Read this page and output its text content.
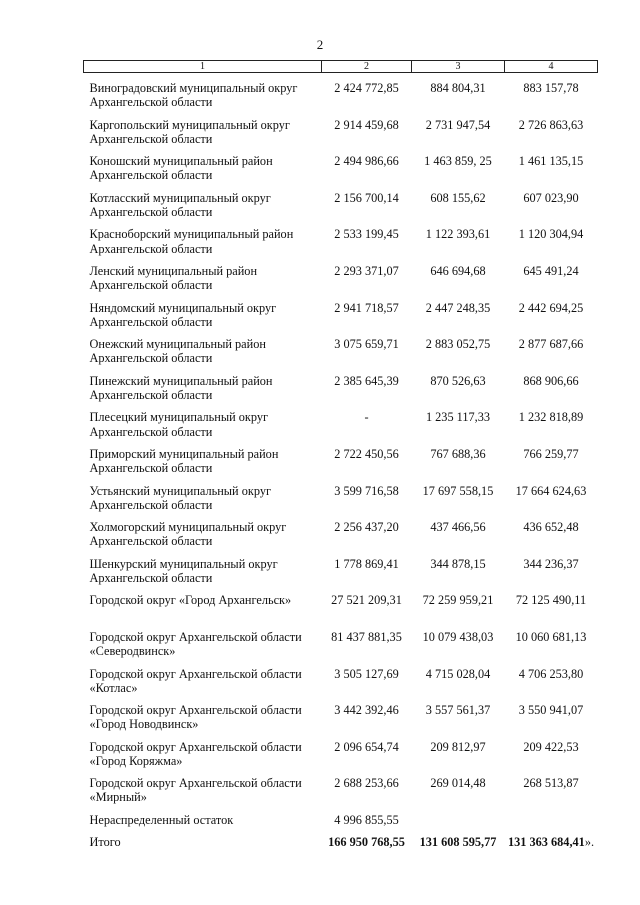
2
1	2	3	4
Виноградовский муниципальный округ Архангельской области	2 424 772,85	884 804,31	883 157,78
Каргопольский муниципальный округ Архангельской области	2 914 459,68	2 731 947,54	2 726 863,63
Коношский муниципальный район Архангельской области	2 494 986,66	1 463 859, 25	1 461 135,15
Котласский муниципальный округ Архангельской области	2 156 700,14	608 155,62	607 023,90
Красноборский муниципальный район Архангельской области	2 533 199,45	1 122 393,61	1 120 304,94
Ленский муниципальный район Архангельской области	2 293 371,07	646 694,68	645 491,24
Няндомский муниципальный округ Архангельской области	2 941 718,57	2 447 248,35	2 442 694,25
Онежский муниципальный район Архангельской области	3 075 659,71	2 883 052,75	2 877 687,66
Пинежский муниципальный район Архангельской области	2 385 645,39	870 526,63	868 906,66
Плесецкий муниципальный округ Архангельской области	-	1 235 117,33	1 232 818,89
Приморский муниципальный район Архангельской области	2 722 450,56	767 688,36	766 259,77
Устьянский муниципальный округ Архангельской области	3 599 716,58	17 697 558,15	17 664 624,63
Холмогорский муниципальный округ Архангельской области	2 256 437,20	437 466,56	436 652,48
Шенкурский муниципальный округ Архангельской области	1 778 869,41	344 878,15	344 236,37
Городской округ «Город Архангельск»	27 521 209,31	72 259 959,21	72 125 490,11
Городской округ Архангельской области «Северодвинск»	81 437 881,35	10 079 438,03	10 060 681,13
Городской округ Архангельской области «Котлас»	3 505 127,69	4 715 028,04	4 706 253,80
Городской округ Архангельской области «Город Новодвинск»	3 442 392,46	3 557 561,37	3 550 941,07
Городской округ Архангельской области «Город Коряжма»	2 096 654,74	209 812,97	209 422,53
Городской округ Архангельской области «Мирный»	2 688 253,66	269 014,48	268 513,87
Нераспределенный остаток	4 996 855,55		
Итого	166 950 768,55	131 608 595,77	131 363 684,41».
